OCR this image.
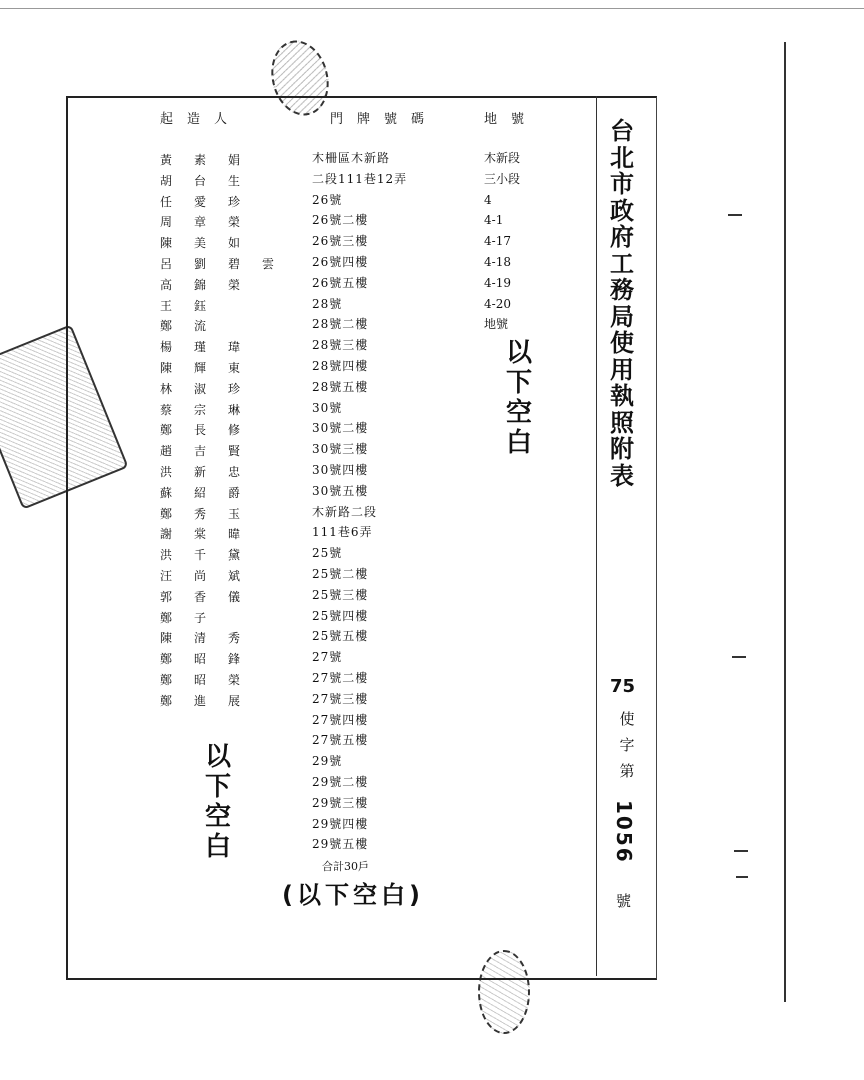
起造人	門牌號碼	地號
黃素娟
胡台生
任愛珍
周章榮
陳美如
呂劉碧雲
高錦榮
王鈺
鄭流
楊瑾瑋
陳輝東
林淑珍
蔡宗琳
鄭長修
趙吉賢
洪新忠
蘇紹爵
鄭秀玉
謝棠暐
洪千黛
汪尚斌
郭香儀
鄭子
陳清秀
鄭昭鋒
鄭昭榮
鄭進展
木柵區木新路
二段111巷12弄
26號
26號二樓
26號三樓
26號四樓
26號五樓
28號
28號二樓
28號三樓
28號四樓
28號五樓
30號
30號二樓
30號三樓
30號四樓
30號五樓
木新路二段
111巷6弄
25號
25號二樓
25號三樓
25號四樓
25號五樓
27號
27號二樓
27號三樓
27號四樓
27號五樓
29號
29號二樓
29號三樓
29號四樓
29號五樓
木新段
三小段
4
4-1
4-17
4-18
4-19
4-20
地號
合計30戶
以下空白
以下空白
(以下空白)
台北市政府工務局使用執照附表
75
使字第
1056
號
